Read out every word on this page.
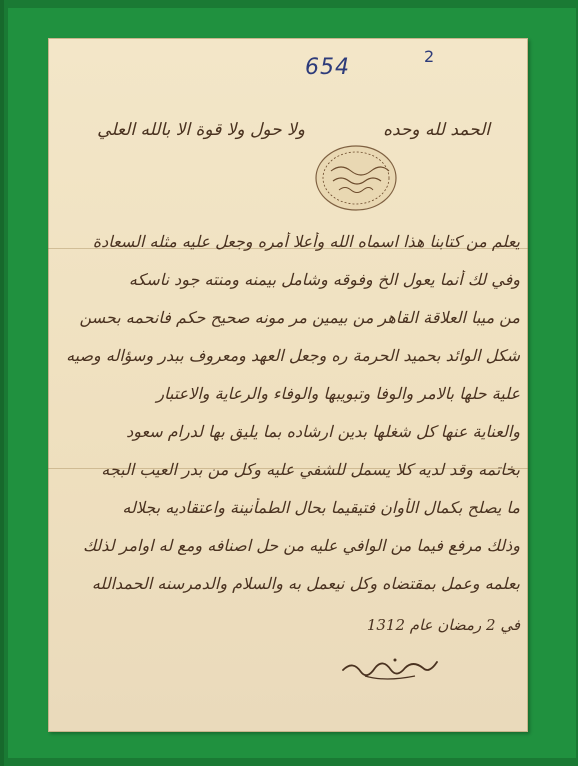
654	2
الحمد لله وحده
ولا حول ولا قوة الا بالله العلي
يعلم من كتابنا هذا اسماه الله وأعلا أمره وجعل عليه مثله السعادة
وفي لك أنما يعول الخ وفوقه وشامل بيمنه ومنته جود ناسكه
من ميبا العلاقة القاهر من بيمين مر مونه صحيح حكم فانحمه بحسن
شكل الوائد بحميد الحرمة ره وجعل العهد ومعروف ببدر وسؤاله وصيه
علية حلها بالامر والوفا وتبويبها والوفاء والرعاية والاعتبار
والعناية عنها كل شغلها بدين ارشاده بما يليق بها لدرام سعود
بخاتمه وقد لديه كلا يسمل للشفي عليه وكل من بدر العيب البجه
ما يصلح بكمال الأوان فتيقيما بحال الطمأنينة واعتقاديه بجلاله
وذلك مرفع فيما من الوافي عليه من حل اصنافه ومع له اوامر لذلك
بعلمه وعمل بمقتضاه وكل نيعمل به والسلام والدمرسنه الحمدالله
في 2 رمضان عام 1312
